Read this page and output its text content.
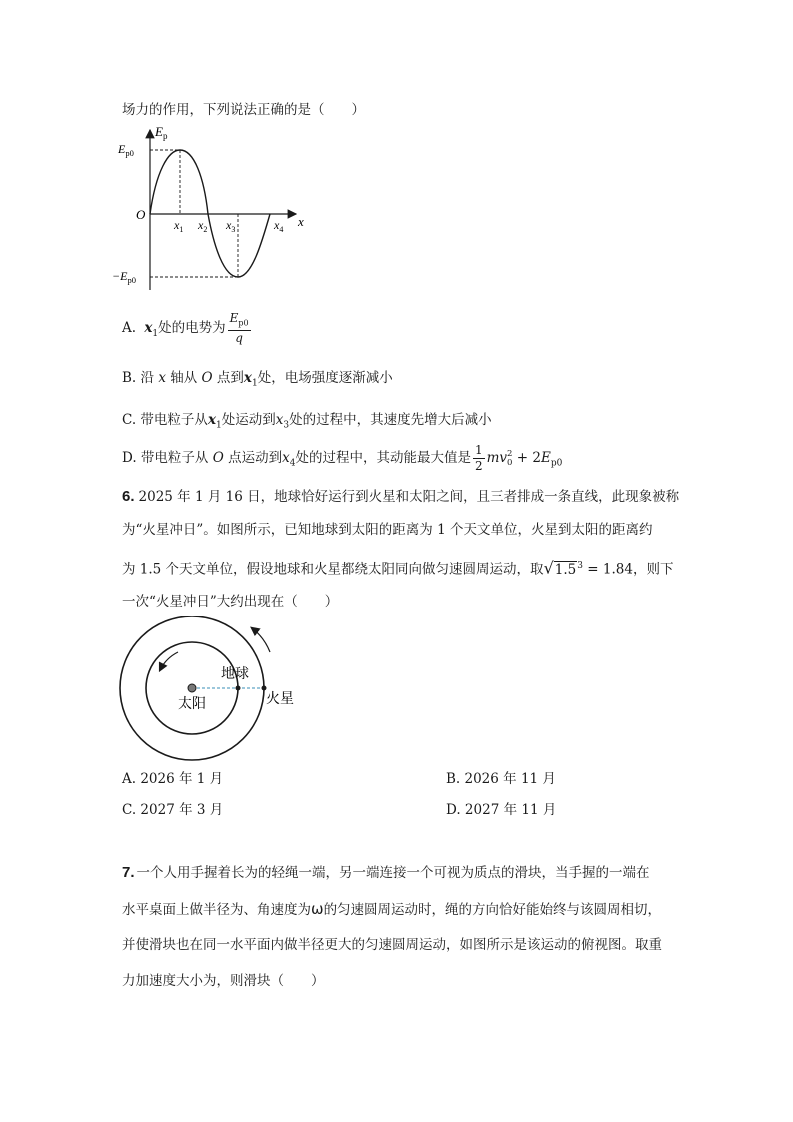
场力的作用，下列说法正确的是（　　）
$E_p$
x
O
$E_{p0}$
$-E_{p0}$
$x_1$ $x_2$ $x_3$	$x_4$
A. $x_1$处的电势为 $\frac{E_{p0}}{q}$
B. 沿 x 轴从 O 点到$x_1$处，电场强度逐渐减小
C. 带电粒子从$x_1$处运动到$x_3$处的过程中，其速度先增大后减小
D. 带电粒子从 O 点运动到$x_4$处的过程中，其动能最大值是 $\frac{1}{2}$ mv 2
$0 + 2E_{p0}$
6. 2025 年 1 月 16 日，地球恰好运行到火星和太阳之间，且三者排成一条直线，此现象被称
为“火星冲日”。如图所示，已知地球到太阳的距离为 1 个天文单位，火星到太阳的距离约
为 1.5 个天文单位，假设地球和火星都绕太阳同向做匀速圆周运动，取$√1.5^3 = 1.84$，则下
一次“火星冲日”大约出现在（　　）
地球
太阳	火星
A. 2026 年 1 月	B. 2026 年 11 月
C. 2027 年 3 月	D. 2027 年 11 月
7. 一个人用手握着长为的轻绳一端，另一端连接一个可视为质点的滑块，当手握的一端在
水平桌面上做半径为、角速度为ω的匀速圆周运动时，绳的方向恰好能始终与该圆周相切，
并使滑块也在同一水平面内做半径更大的匀速圆周运动，如图所示是该运动的俯视图。取重
力加速度大小为，则滑块（　　）
